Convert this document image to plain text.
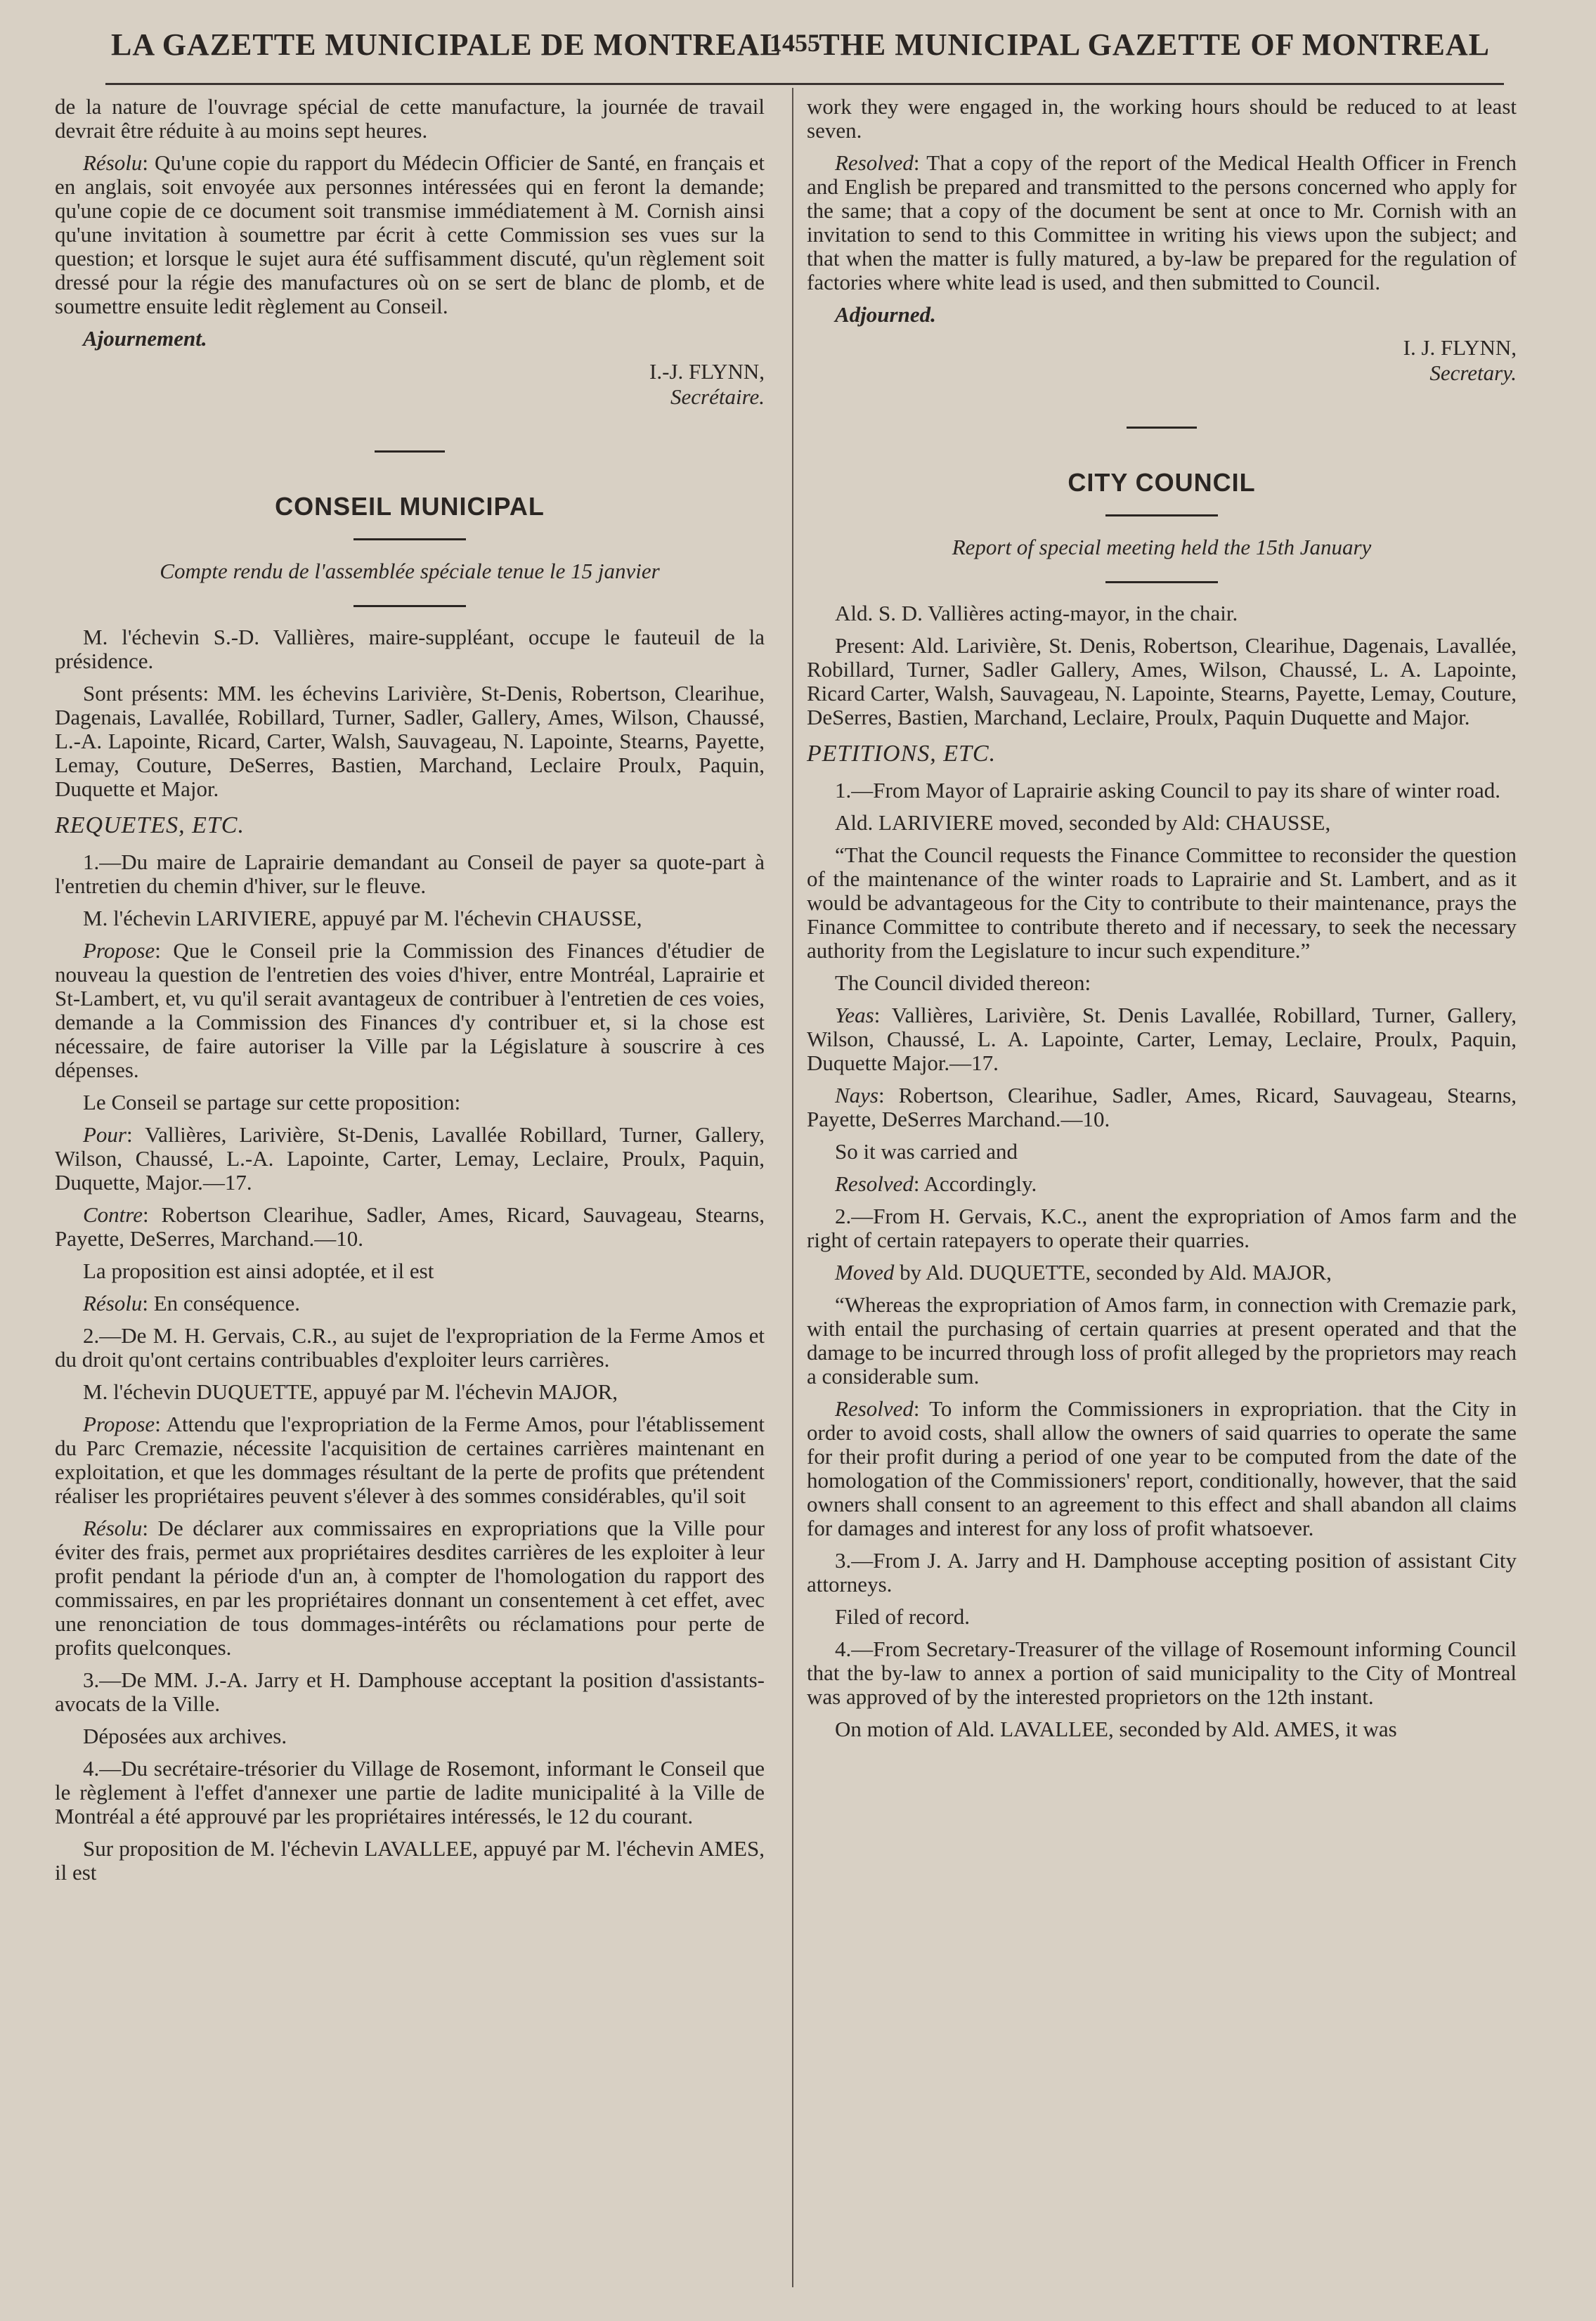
LA GAZETTE MUNICIPALE DE MONTREAL
1455
THE MUNICIPAL GAZETTE OF MONTREAL

de la nature de l'ouvrage spécial de cette manufacture, la journée de travail devrait être réduite à au moins sept heures.

Résolu: Qu'une copie du rapport du Médecin Officier de Santé, en français et en anglais, soit envoyée aux personnes intéressées qui en feront la demande; qu'une copie de ce document soit transmise immédiatement à M. Cornish ainsi qu'une invitation à soumettre par écrit à cette Commission ses vues sur la question; et lorsque le sujet aura été suffisamment discuté, qu'un règlement soit dressé pour la régie des manufactures où on se sert de blanc de plomb, et de soumettre ensuite ledit règlement au Conseil.

Ajournement.

I.-J. FLYNN,

Secrétaire.

CONSEIL MUNICIPAL
Compte rendu de l'assemblée spéciale tenue le 15 janvier

M. l'échevin S.-D. Vallières, maire-suppléant, occupe le fauteuil de la présidence.

Sont présents: MM. les échevins Larivière, St-Denis, Robertson, Clearihue, Dagenais, Lavallée, Robillard, Turner, Sadler, Gallery, Ames, Wilson, Chaussé, L.-A. Lapointe, Ricard, Carter, Walsh, Sauvageau, N. Lapointe, Stearns, Payette, Lemay, Couture, DeSerres, Bastien, Marchand, Leclaire Proulx, Paquin, Duquette et Major.

REQUETES, ETC.

1.—Du maire de Laprairie demandant au Conseil de payer sa quote-part à l'entretien du chemin d'hiver, sur le fleuve.

M. l'échevin LARIVIERE, appuyé par M. l'échevin CHAUSSE,

Propose: Que le Conseil prie la Commission des Finances d'étudier de nouveau la question de l'entretien des voies d'hiver, entre Montréal, Laprairie et St-Lambert, et, vu qu'il serait avantageux de contribuer à l'entretien de ces voies, demande a la Commission des Finances d'y contribuer et, si la chose est nécessaire, de faire autoriser la Ville par la Législature à souscrire à ces dépenses.

Le Conseil se partage sur cette proposition:

Pour: Vallières, Larivière, St-Denis, Lavallée Robillard, Turner, Gallery, Wilson, Chaussé, L.-A. Lapointe, Carter, Lemay, Leclaire, Proulx, Paquin, Duquette, Major.—17.

Contre: Robertson Clearihue, Sadler, Ames, Ricard, Sauvageau, Stearns, Payette, DeSerres, Marchand.—10.

La proposition est ainsi adoptée, et il est

Résolu: En conséquence.

2.—De M. H. Gervais, C.R., au sujet de l'expropriation de la Ferme Amos et du droit qu'ont certains contribuables d'exploiter leurs carrières.

M. l'échevin DUQUETTE, appuyé par M. l'échevin MAJOR,

Propose: Attendu que l'expropriation de la Ferme Amos, pour l'établissement du Parc Cremazie, nécessite l'acquisition de certaines carrières maintenant en exploitation, et que les dommages résultant de la perte de profits que prétendent réaliser les propriétaires peuvent s'élever à des sommes considérables, qu'il soit

Résolu: De déclarer aux commissaires en expropriations que la Ville pour éviter des frais, permet aux propriétaires desdites carrières de les exploiter à leur profit pendant la période d'un an, à compter de l'homologation du rapport des commissaires, en par les propriétaires donnant un consentement à cet effet, avec une renonciation de tous dommages-intérêts ou réclamations pour perte de profits quelconques.

3.—De MM. J.-A. Jarry et H. Damphouse acceptant la position d'assistants-avocats de la Ville.

Déposées aux archives.

4.—Du secrétaire-trésorier du Village de Rosemont, informant le Conseil que le règlement à l'effet d'annexer une partie de ladite municipalité à la Ville de Montréal a été approuvé par les propriétaires intéressés, le 12 du courant.

Sur proposition de M. l'échevin LAVALLEE, appuyé par M. l'échevin AMES, il est

work they were engaged in, the working hours should be reduced to at least seven.

Resolved: That a copy of the report of the Medical Health Officer in French and English be prepared and transmitted to the persons concerned who apply for the same; that a copy of the document be sent at once to Mr. Cornish with an invitation to send to this Committee in writing his views upon the subject; and that when the matter is fully matured, a by-law be prepared for the regulation of factories where white lead is used, and then submitted to Council.

Adjourned.

I. J. FLYNN,

Secretary.

CITY COUNCIL
Report of special meeting held the 15th January

Ald. S. D. Vallières acting-mayor, in the chair.

Present: Ald. Larivière, St. Denis, Robertson, Clearihue, Dagenais, Lavallée, Robillard, Turner, Sadler Gallery, Ames, Wilson, Chaussé, L. A. Lapointe, Ricard Carter, Walsh, Sauvageau, N. Lapointe, Stearns, Payette, Lemay, Couture, DeSerres, Bastien, Marchand, Leclaire, Proulx, Paquin Duquette and Major.

PETITIONS, ETC.

1.—From Mayor of Laprairie asking Council to pay its share of winter road.

Ald. LARIVIERE moved, seconded by Ald: CHAUSSE,

“That the Council requests the Finance Committee to reconsider the question of the maintenance of the winter roads to Laprairie and St. Lambert, and as it would be advantageous for the City to contribute to their maintenance, prays the Finance Committee to contribute thereto and if necessary, to seek the necessary authority from the Legislature to incur such expenditure.”

The Council divided thereon:

Yeas: Vallières, Larivière, St. Denis Lavallée, Robillard, Turner, Gallery, Wilson, Chaussé, L. A. Lapointe, Carter, Lemay, Leclaire, Proulx, Paquin, Duquette Major.—17.

Nays: Robertson, Clearihue, Sadler, Ames, Ricard, Sauvageau, Stearns, Payette, DeSerres Marchand.—10.

So it was carried and

Resolved: Accordingly.

2.—From H. Gervais, K.C., anent the expropriation of Amos farm and the right of certain ratepayers to operate their quarries.

Moved by Ald. DUQUETTE, seconded by Ald. MAJOR,

“Whereas the expropriation of Amos farm, in connection with Cremazie park, with entail the purchasing of certain quarries at present operated and that the damage to be incurred through loss of profit alleged by the proprietors may reach a considerable sum.

Resolved: To inform the Commissioners in expropriation. that the City in order to avoid costs, shall allow the owners of said quarries to operate the same for their profit during a period of one year to be computed from the date of the homologation of the Commissioners' report, conditionally, however, that the said owners shall consent to an agreement to this effect and shall abandon all claims for damages and interest for any loss of profit whatsoever.

3.—From J. A. Jarry and H. Damphouse accepting position of assistant City attorneys.

Filed of record.

4.—From Secretary-Treasurer of the village of Rosemount informing Council that the by-law to annex a portion of said municipality to the City of Montreal was approved of by the interested proprietors on the 12th instant.

On motion of Ald. LAVALLEE, seconded by Ald. AMES, it was
